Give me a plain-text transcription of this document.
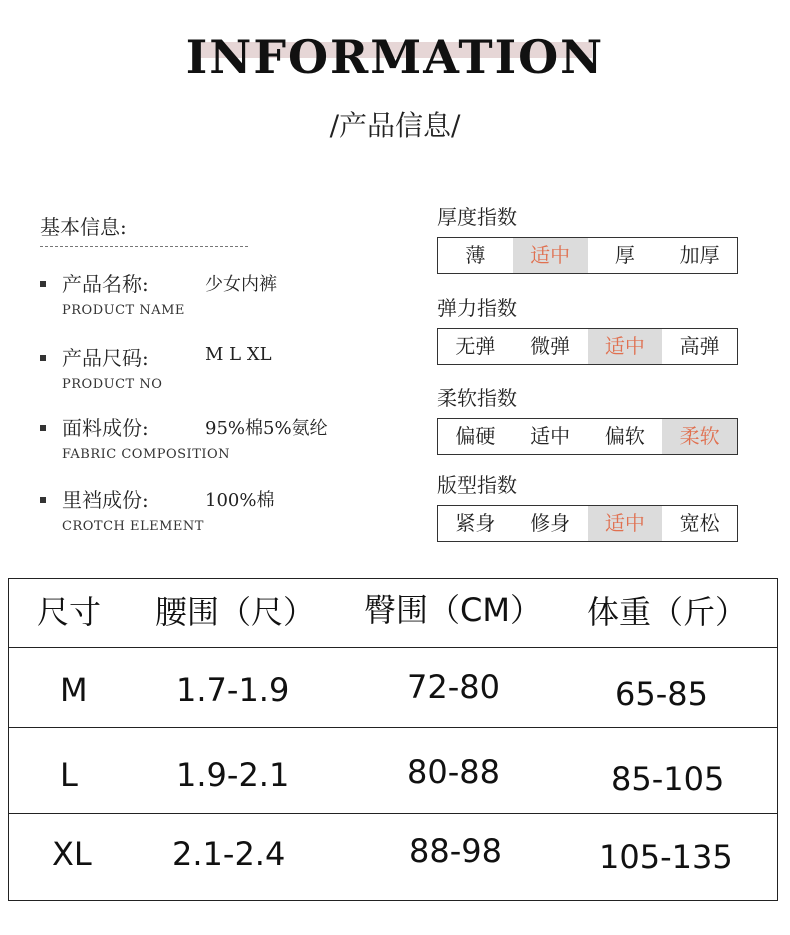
INFORMATION
/产品信息/
基本信息:
产品名称:	少女内裤
PRODUCT NAME
产品尺码:	M L XL
PRODUCT NO
面料成份:	95%棉5%氨纶
FABRIC COMPOSITION
里裆成份:	100%棉
CROTCH ELEMENT
厚度指数
薄	适中	厚	加厚
弹力指数
无弹	微弹	适中	高弹
柔软指数
偏硬	适中	偏软	柔软
版型指数
紧身	修身	适中	宽松
尺寸 腰围（尺） 臀围（CM） 体重（斤）
M	1.7-1.9	72-80	65-85
L	1.9-2.1	80-88	85-105
XL	2.1-2.4	88-98	105-135
